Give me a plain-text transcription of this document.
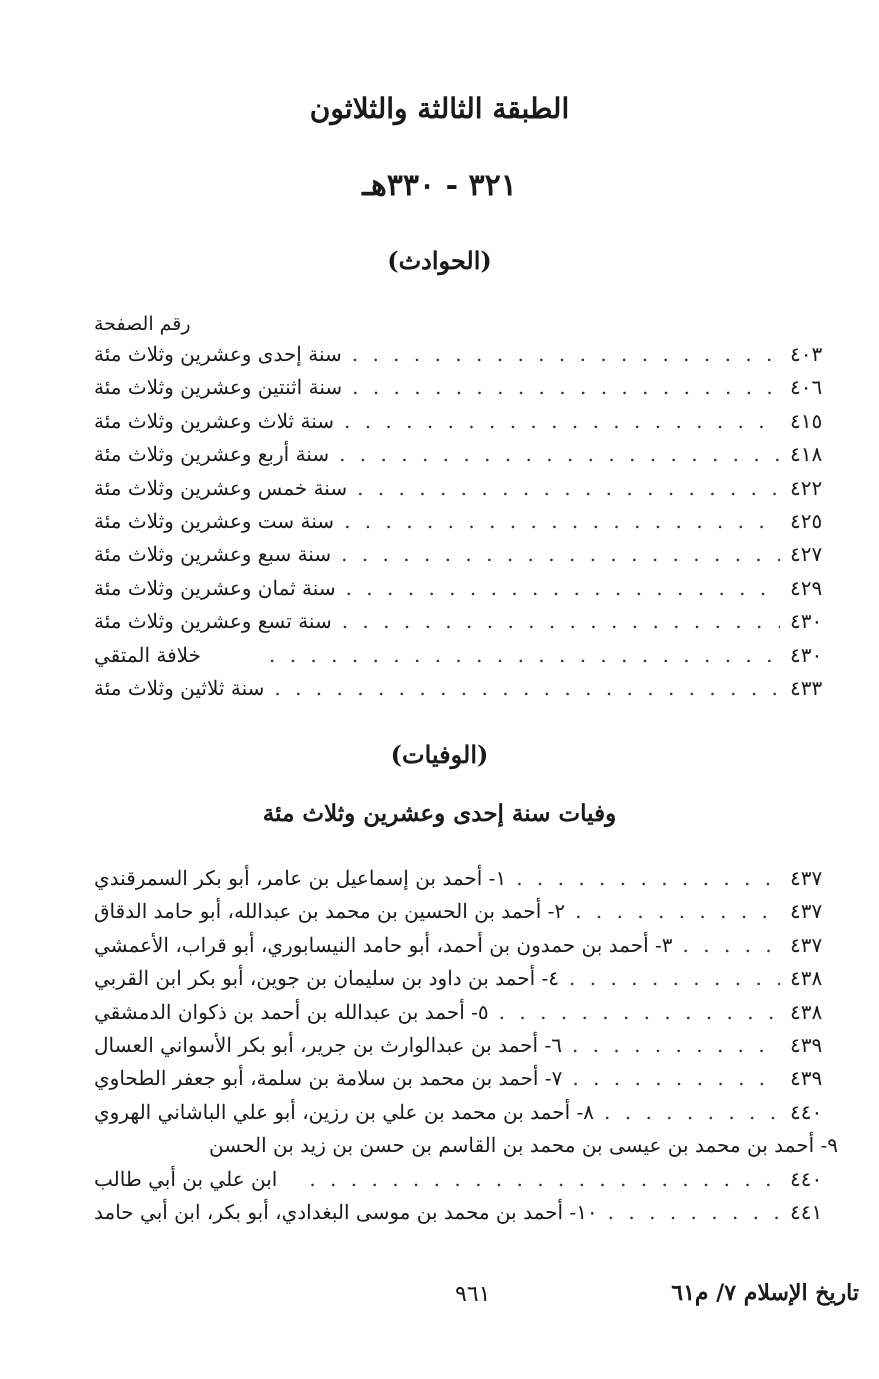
الطبقة الثالثة والثلاثون
٣٢١ - ٣٣٠هـ
(الحوادث)
رقم الصفحة
سنة إحدى وعشرين وثلاث مئة . . .	٤٠٣
سنة اثنتين وعشرين وثلاث مئة . . .	٤٠٦
سنة ثلاث وعشرين وثلاث مئة . . .	٤١٥
سنة أربع وعشرين وثلاث مئة . . .	٤١٨
سنة خمس وعشرين وثلاث مئة . . .	٤٢٢
سنة ست وعشرين وثلاث مئة . . .	٤٢٥
سنة سبع وعشرين وثلاث مئة . . .	٤٢٧
سنة ثمان وعشرين وثلاث مئة . . .	٤٢٩
سنة تسع وعشرين وثلاث مئة . . .	٤٣٠
خلافة المتقي . . .	٤٣٠
سنة ثلاثين وثلاث مئة . . .	٤٣٣
(الوفيات)
وفيات سنة إحدى وعشرين وثلاث مئة
١- أحمد بن إسماعيل بن عامر، أبو بكر السمرقندي . . .	٤٣٧
٢- أحمد بن الحسين بن محمد بن عبدالله، أبو حامد الدقاق . . .	٤٣٧
٣- أحمد بن حمدون بن أحمد، أبو حامد النيسابوري، أبو قراب، الأعمشي . . .	٤٣٧
٤- أحمد بن داود بن سليمان بن جوين، أبو بكر ابن القربي . . .	٤٣٨
٥- أحمد بن عبدالله بن أحمد بن ذكوان الدمشقي . . .	٤٣٨
٦- أحمد بن عبدالوارث بن جرير، أبو بكر الأسواني العسال . . .	٤٣٩
٧- أحمد بن محمد بن سلامة بن سلمة، أبو جعفر الطحاوي . . .	٤٣٩
٨- أحمد بن محمد بن علي بن رزين، أبو علي الباشاني الهروي . . .	٤٤٠
٩- أحمد بن محمد بن عيسى بن محمد بن القاسم بن حسن بن زيد بن الحسن
ابن علي بن أبي طالب . . .	٤٤٠
١٠- أحمد بن محمد بن موسى البغدادي، أبو بكر، ابن أبي حامد . . .	٤٤١
تاريخ الإسلام ٧/ م٦١
٩٦١
